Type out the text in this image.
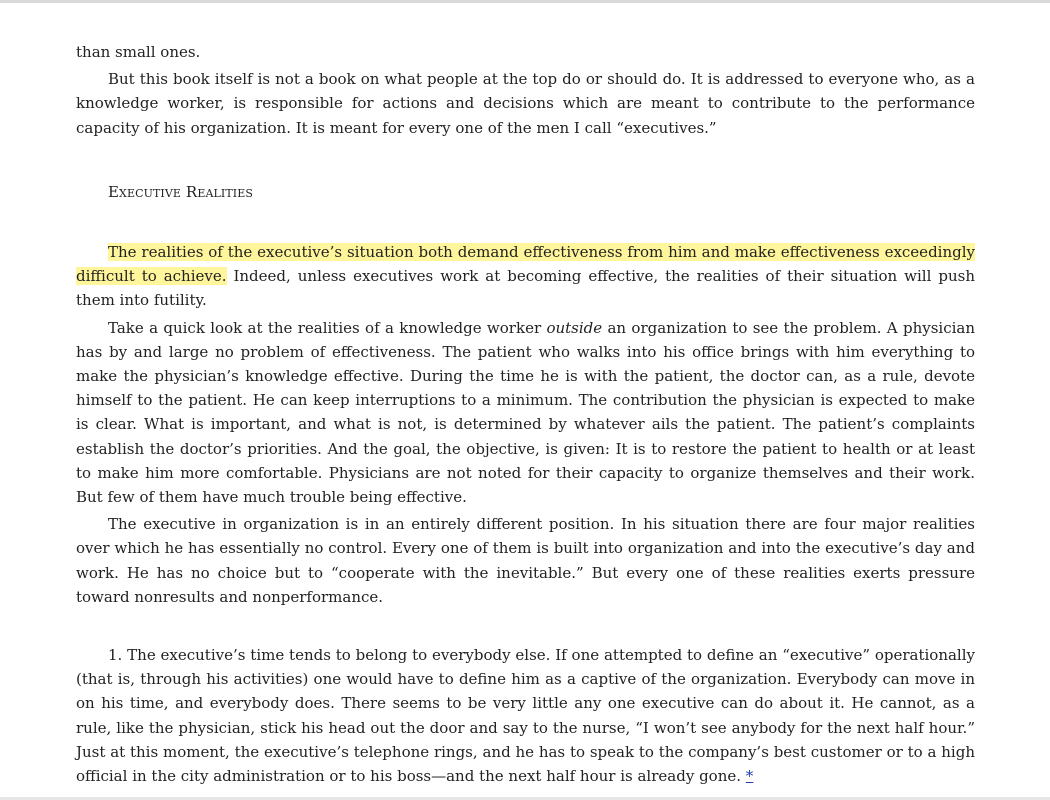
than small ones.

But this book itself is not a book on what people at the top do or should do. It is addressed to everyone who, as a knowledge worker, is responsible for actions and decisions which are meant to contribute to the performance capacity of his organization. It is meant for every one of the men I call “executives.”

Executive Realities

The realities of the executive’s situation both demand effectiveness from him and make effectiveness exceedingly difficult to achieve. Indeed, unless executives work at becoming effective, the realities of their situation will push them into futility.

Take a quick look at the realities of a knowledge worker outside an organization to see the problem. A physician has by and large no problem of effectiveness. The patient who walks into his office brings with him everything to make the physician’s knowledge effective. During the time he is with the patient, the doctor can, as a rule, devote himself to the patient. He can keep interruptions to a minimum. The contribution the physician is expected to make is clear. What is important, and what is not, is determined by whatever ails the patient. The patient’s complaints establish the doctor’s priorities. And the goal, the objective, is given: It is to restore the patient to health or at least to make him more comfortable. Physicians are not noted for their capacity to organize themselves and their work. But few of them have much trouble being effective.

The executive in organization is in an entirely different position. In his situation there are four major realities over which he has essentially no control. Every one of them is built into organization and into the executive’s day and work. He has no choice but to “cooperate with the inevitable.” But every one of these realities exerts pressure toward nonresults and nonperformance.

1. The executive’s time tends to belong to everybody else. If one attempted to define an “executive” operationally (that is, through his activities) one would have to define him as a captive of the organization. Everybody can move in on his time, and everybody does. There seems to be very little any one executive can do about it. He cannot, as a rule, like the physician, stick his head out the door and say to the nurse, “I won’t see anybody for the next half hour.” Just at this moment, the executive’s telephone rings, and he has to speak to the company’s best customer or to a high official in the city administration or to his boss—and the next half hour is already gone. *
